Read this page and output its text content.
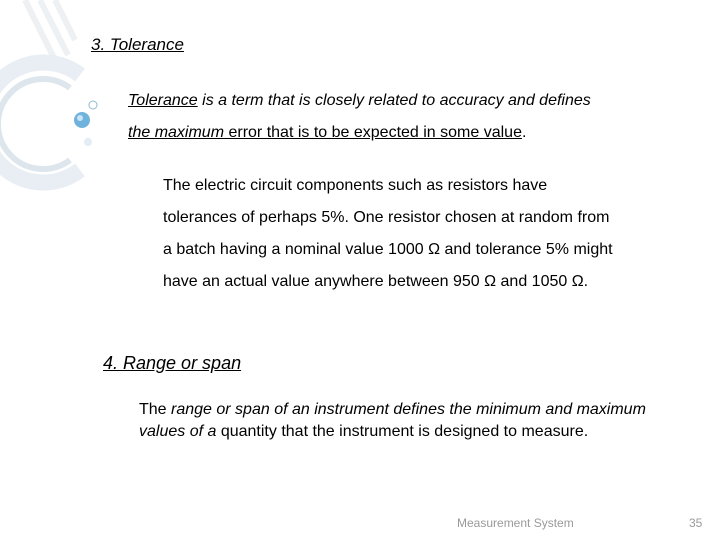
3. Tolerance

Tolerance is a term that is closely related to accuracy and defines
the maximum error that is to be expected in some value.

The electric circuit components such as resistors have
tolerances of perhaps 5%. One resistor chosen at random from
a batch having a nominal value 1000 Ω and tolerance 5% might
have an actual value anywhere between 950 Ω and 1050 Ω.

4. Range or span

The range or span of an instrument defines the minimum and maximum values of a quantity that the instrument is designed to measure.

Measurement System	35
